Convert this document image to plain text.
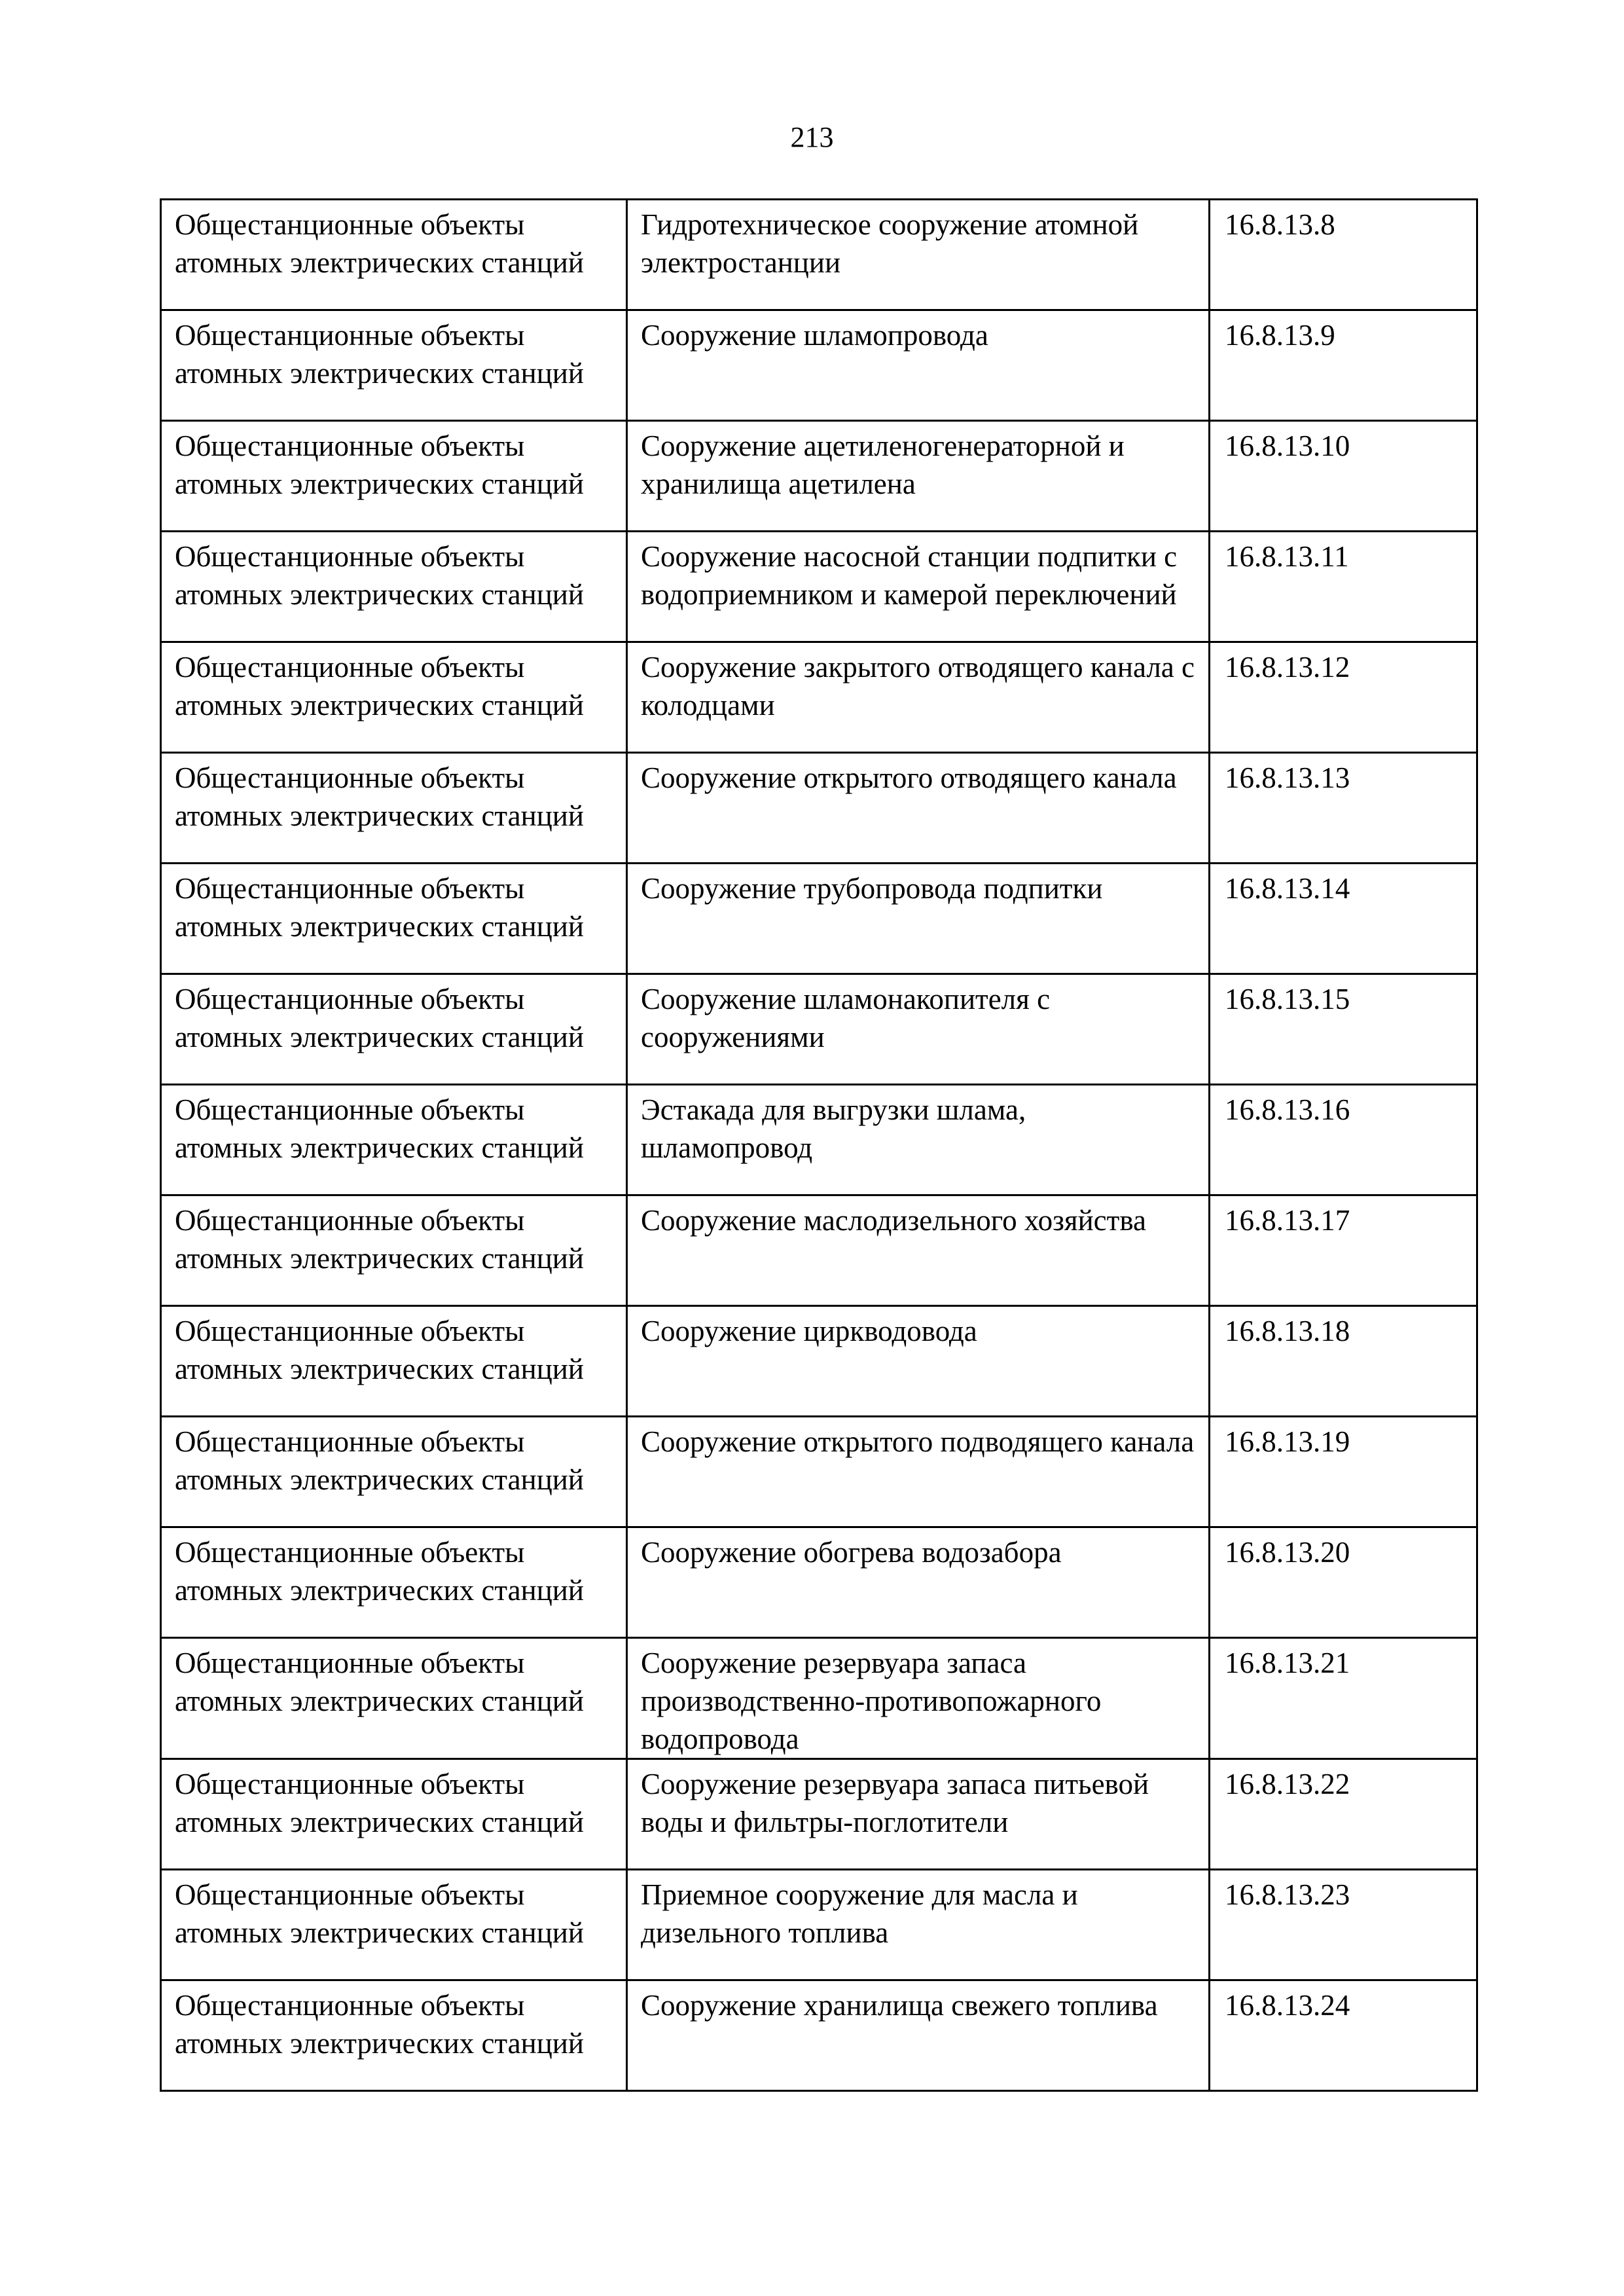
213
Общестанционные объекты атомных электрических станций	Гидротехническое сооружение атомной электростанции	16.8.13.8
Общестанционные объекты атомных электрических станций	Сооружение шламопровода	16.8.13.9
Общестанционные объекты атомных электрических станций	Сооружение ацетиленогенераторной и хранилища ацетилена	16.8.13.10
Общестанционные объекты атомных электрических станций	Сооружение насосной станции подпитки с водоприемником и камерой переключений	16.8.13.11
Общестанционные объекты атомных электрических станций	Сооружение закрытого отводящего канала с колодцами	16.8.13.12
Общестанционные объекты атомных электрических станций	Сооружение открытого отводящего канала	16.8.13.13
Общестанционные объекты атомных электрических станций	Сооружение трубопровода подпитки	16.8.13.14
Общестанционные объекты атомных электрических станций	Сооружение шламонакопителя с сооружениями	16.8.13.15
Общестанционные объекты атомных электрических станций	Эстакада для выгрузки шлама, шламопровод	16.8.13.16
Общестанционные объекты атомных электрических станций	Сооружение маслодизельного хозяйства	16.8.13.17
Общестанционные объекты атомных электрических станций	Сооружение циркводовода	16.8.13.18
Общестанционные объекты атомных электрических станций	Сооружение открытого подводящего канала	16.8.13.19
Общестанционные объекты атомных электрических станций	Сооружение обогрева водозабора	16.8.13.20
Общестанционные объекты атомных электрических станций	Сооружение резервуара запаса производственно-противопожарного водопровода	16.8.13.21
Общестанционные объекты атомных электрических станций	Сооружение резервуара запаса питьевой воды и фильтры-поглотители	16.8.13.22
Общестанционные объекты атомных электрических станций	Приемное сооружение для масла и дизельного топлива	16.8.13.23
Общестанционные объекты атомных электрических станций	Сооружение хранилища свежего топлива	16.8.13.24
